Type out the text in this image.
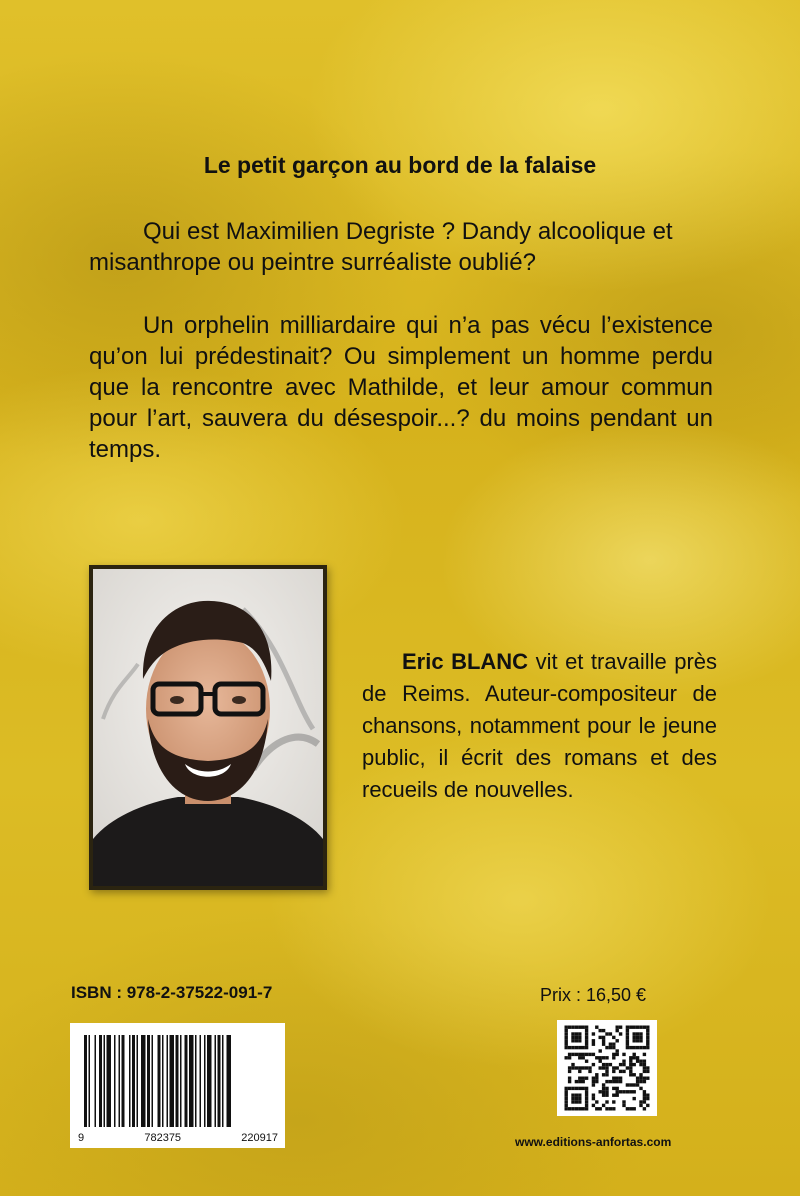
Le petit garçon au bord de la falaise

Qui est Maximilien Degriste ? Dandy alcoolique et misanthrope ou peintre surréaliste oublié?

Un orphelin milliardaire qui n’a pas vécu l’existence qu’on lui prédestinait? Ou simplement un homme perdu que la rencontre avec Mathilde, et leur amour commun pour l’art, sauvera du désespoir...? du moins pendant un temps.

Eric BLANC vit et travaille près de Reims. Auteur-compositeur de chansons, notamment pour le jeune public, il écrit des romans et des recueils de nouvelles.

ISBN : 978-2-37522-091-7
9	782375	220917
Prix : 16,50 €
www.editions-anfortas.com
